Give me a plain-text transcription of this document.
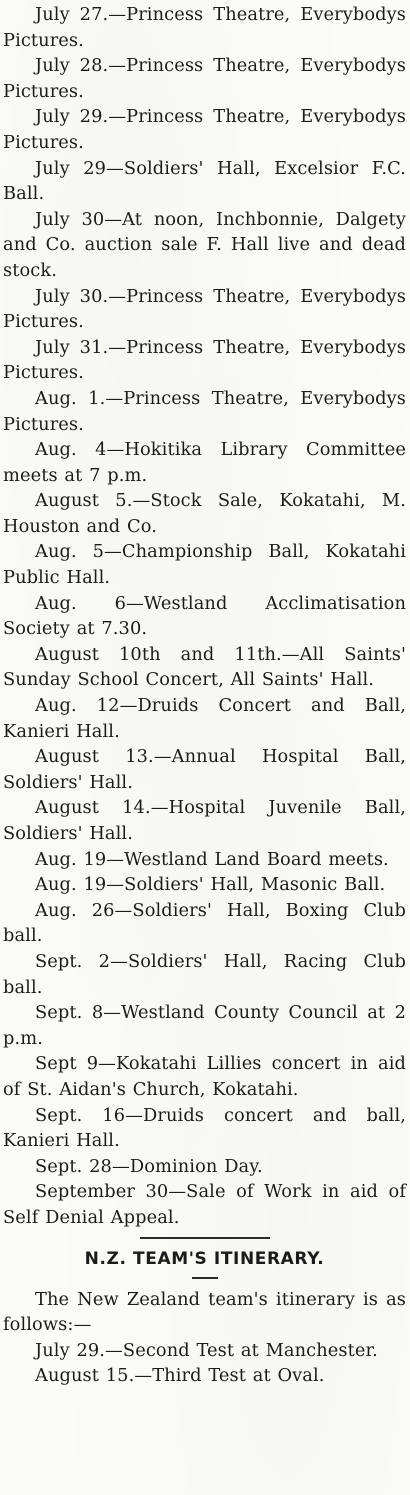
July 27.—Princess Theatre, Everybodys Pictures.

July 28.—Princess Theatre, Everybodys Pictures.

July 29.—Princess Theatre, Everybodys Pictures.

July 29—Soldiers' Hall, Excelsior F.C. Ball.

July 30—At noon, Inchbonnie, Dalgety and Co. auction sale F. Hall live and dead stock.

July 30.—Princess Theatre, Everybodys Pictures.

July 31.—Princess Theatre, Everybodys Pictures.

Aug. 1.—Princess Theatre, Everybodys Pictures.

Aug. 4—Hokitika Library Committee meets at 7 p.m.

August 5.—Stock Sale, Kokatahi, M. Houston and Co.

Aug. 5—Championship Ball, Kokatahi Public Hall.

Aug. 6—Westland Acclimatisation Society at 7.30.

August 10th and 11th.—All Saints' Sunday School Concert, All Saints' Hall.

Aug. 12—Druids Concert and Ball, Kanieri Hall.

August 13.—Annual Hospital Ball, Soldiers' Hall.

August 14.—Hospital Juvenile Ball, Soldiers' Hall.

Aug. 19—Westland Land Board meets.

Aug. 19—Soldiers' Hall, Masonic Ball.

Aug. 26—Soldiers' Hall, Boxing Club ball.

Sept. 2—Soldiers' Hall, Racing Club ball.

Sept. 8—Westland County Council at 2 p.m.

Sept 9—Kokatahi Lillies concert in aid of St. Aidan's Church, Kokatahi.

Sept. 16—Druids concert and ball, Kanieri Hall.

Sept. 28—Dominion Day.

September 30—Sale of Work in aid of Self Denial Appeal.

N.Z. TEAM'S ITINERARY.

The New Zealand team's itinerary is as follows:—

July 29.—Second Test at Manchester.

August 15.—Third Test at Oval.
